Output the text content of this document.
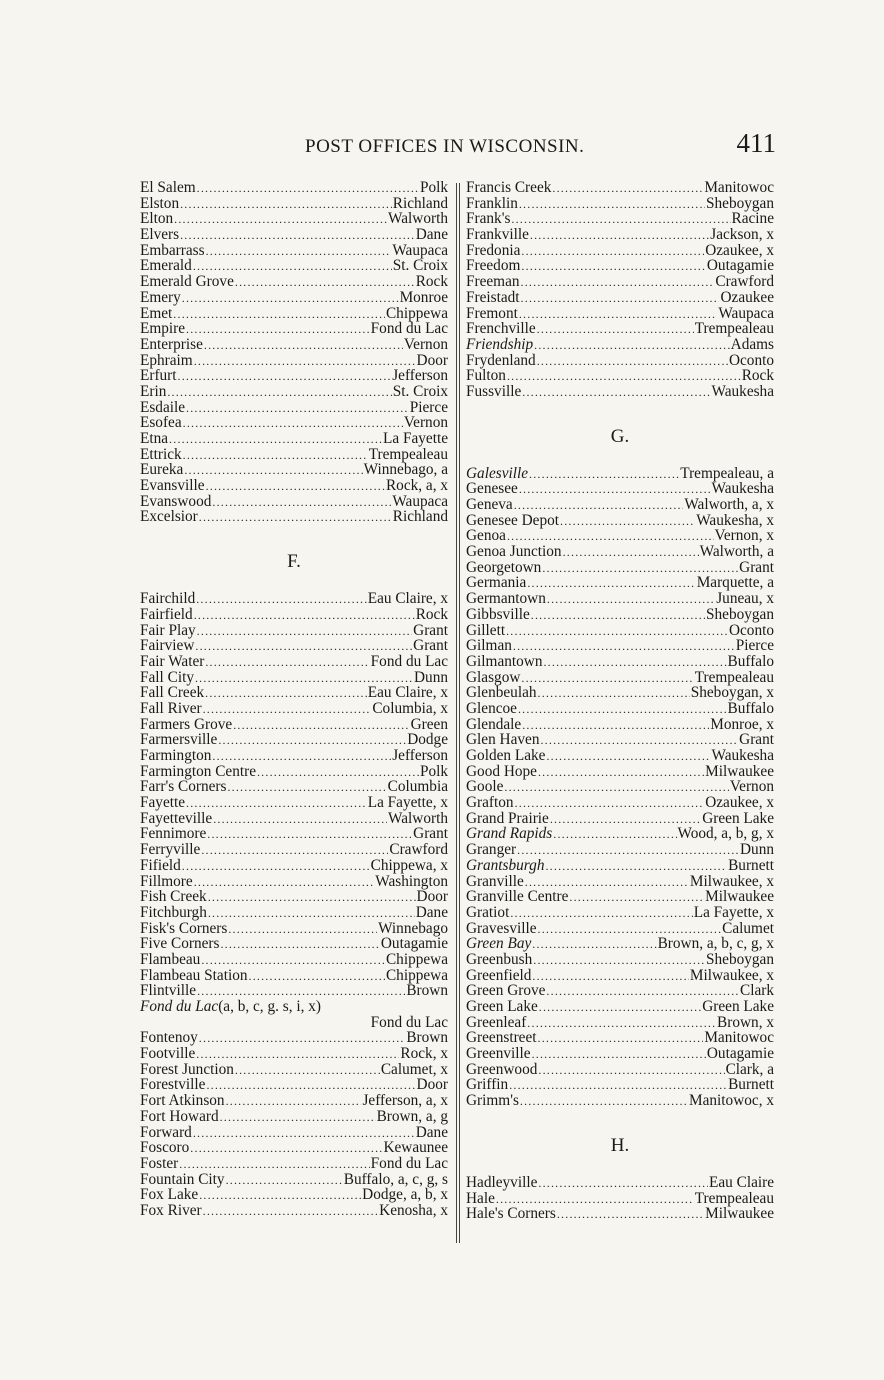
POST OFFICES IN WISCONSIN.	411
El Salem .....	Polk
Elston .....	Richland
Elton .....	Walworth
Elvers .....	Dane
Embarrass .....	Waupaca
Emerald .....	St. Croix
Emerald Grove .....	Rock
Emery .....	Monroe
Emet .....	Chippewa
Empire .....	Fond du Lac
Enterprise .....	Vernon
Ephraim .....	Door
Erfurt .....	Jefferson
Erin .....	St. Croix
Esdaile .....	Pierce
Esofea .....	Vernon
Etna .....	La Fayette
Ettrick .....	Trempealeau
Eureka .....	Winnebago, a
Evansville .....	Rock, a, x
Evanswood .....	Waupaca
Excelsior .....	Richland
F.
Fairchild .....	Eau Claire, x
Fairfield .....	Rock
Fair Play .....	Grant
Fairview .....	Grant
Fair Water .....	Fond du Lac
Fall City .....	Dunn
Fall Creek .....	Eau Claire, x
Fall River .....	Columbia, x
Farmers Grove .....	Green
Farmersville .....	Dodge
Farmington .....	Jefferson
Farmington Centre .....	Polk
Farr's Corners .....	Columbia
Fayette .....	La Fayette, x
Fayetteville .....	Walworth
Fennimore .....	Grant
Ferryville .....	Crawford
Fifield .....	Chippewa, x
Fillmore .....	Washington
Fish Creek .....	Door
Fitchburgh .....	Dane
Fisk's Corners .....	Winnebago
Five Corners .....	Outagamie
Flambeau .....	Chippewa
Flambeau Station .....	Chippewa
Flintville .....	Brown
Fond du Lac (a, b, c, g. s, i, x)
Fond du Lac
Fontenoy .....	Brown
Footville .....	Rock, x
Forest Junction .....	Calumet, x
Forestville .....	Door
Fort Atkinson .....	Jefferson, a, x
Fort Howard .....	Brown, a, g
Forward .....	Dane
Foscoro .....	Kewaunee
Foster .....	Fond du Lac
Fountain City .....	Buffalo, a, c, g, s
Fox Lake .....	Dodge, a, b, x
Fox River .....	Kenosha, x
Francis Creek .....	Manitowoc
Franklin .....	Sheboygan
Frank's .....	Racine
Frankville .....	Jackson, x
Fredonia .....	Ozaukee, x
Freedom .....	Outagamie
Freeman .....	Crawford
Freistadt .....	Ozaukee
Fremont .....	Waupaca
Frenchville .....	Trempealeau
Friendship .....	Adams
Frydenland .....	Oconto
Fulton .....	Rock
Fussville .....	Waukesha
G.
Galesville .....	Trempealeau, a
Genesee .....	Waukesha
Geneva .....	Walworth, a, x
Genesee Depot .....	Waukesha, x
Genoa .....	Vernon, x
Genoa Junction .....	Walworth, a
Georgetown .....	Grant
Germania .....	Marquette, a
Germantown .....	Juneau, x
Gibbsville .....	Sheboygan
Gillett .....	Oconto
Gilman .....	Pierce
Gilmantown .....	Buffalo
Glasgow .....	Trempealeau
Glenbeulah .....	Sheboygan, x
Glencoe .....	Buffalo
Glendale .....	Monroe, x
Glen Haven .....	Grant
Golden Lake .....	Waukesha
Good Hope .....	Milwaukee
Goole .....	Vernon
Grafton .....	Ozaukee, x
Grand Prairie .....	Green Lake
Grand Rapids .....	Wood, a, b, g, x
Granger .....	Dunn
Grantsburgh .....	Burnett
Granville .....	Milwaukee, x
Granville Centre .....	Milwaukee
Gratiot .....	La Fayette, x
Gravesville .....	Calumet
Green Bay .....	Brown, a, b, c, g, x
Greenbush .....	Sheboygan
Greenfield .....	Milwaukee, x
Green Grove .....	Clark
Green Lake .....	Green Lake
Greenleaf .....	Brown, x
Greenstreet .....	Manitowoc
Greenville .....	Outagamie
Greenwood .....	Clark, a
Griffin .....	Burnett
Grimm's .....	Manitowoc, x
H.
Hadleyville .....	Eau Claire
Hale .....	Trempealeau
Hale's Corners .....	Milwaukee
